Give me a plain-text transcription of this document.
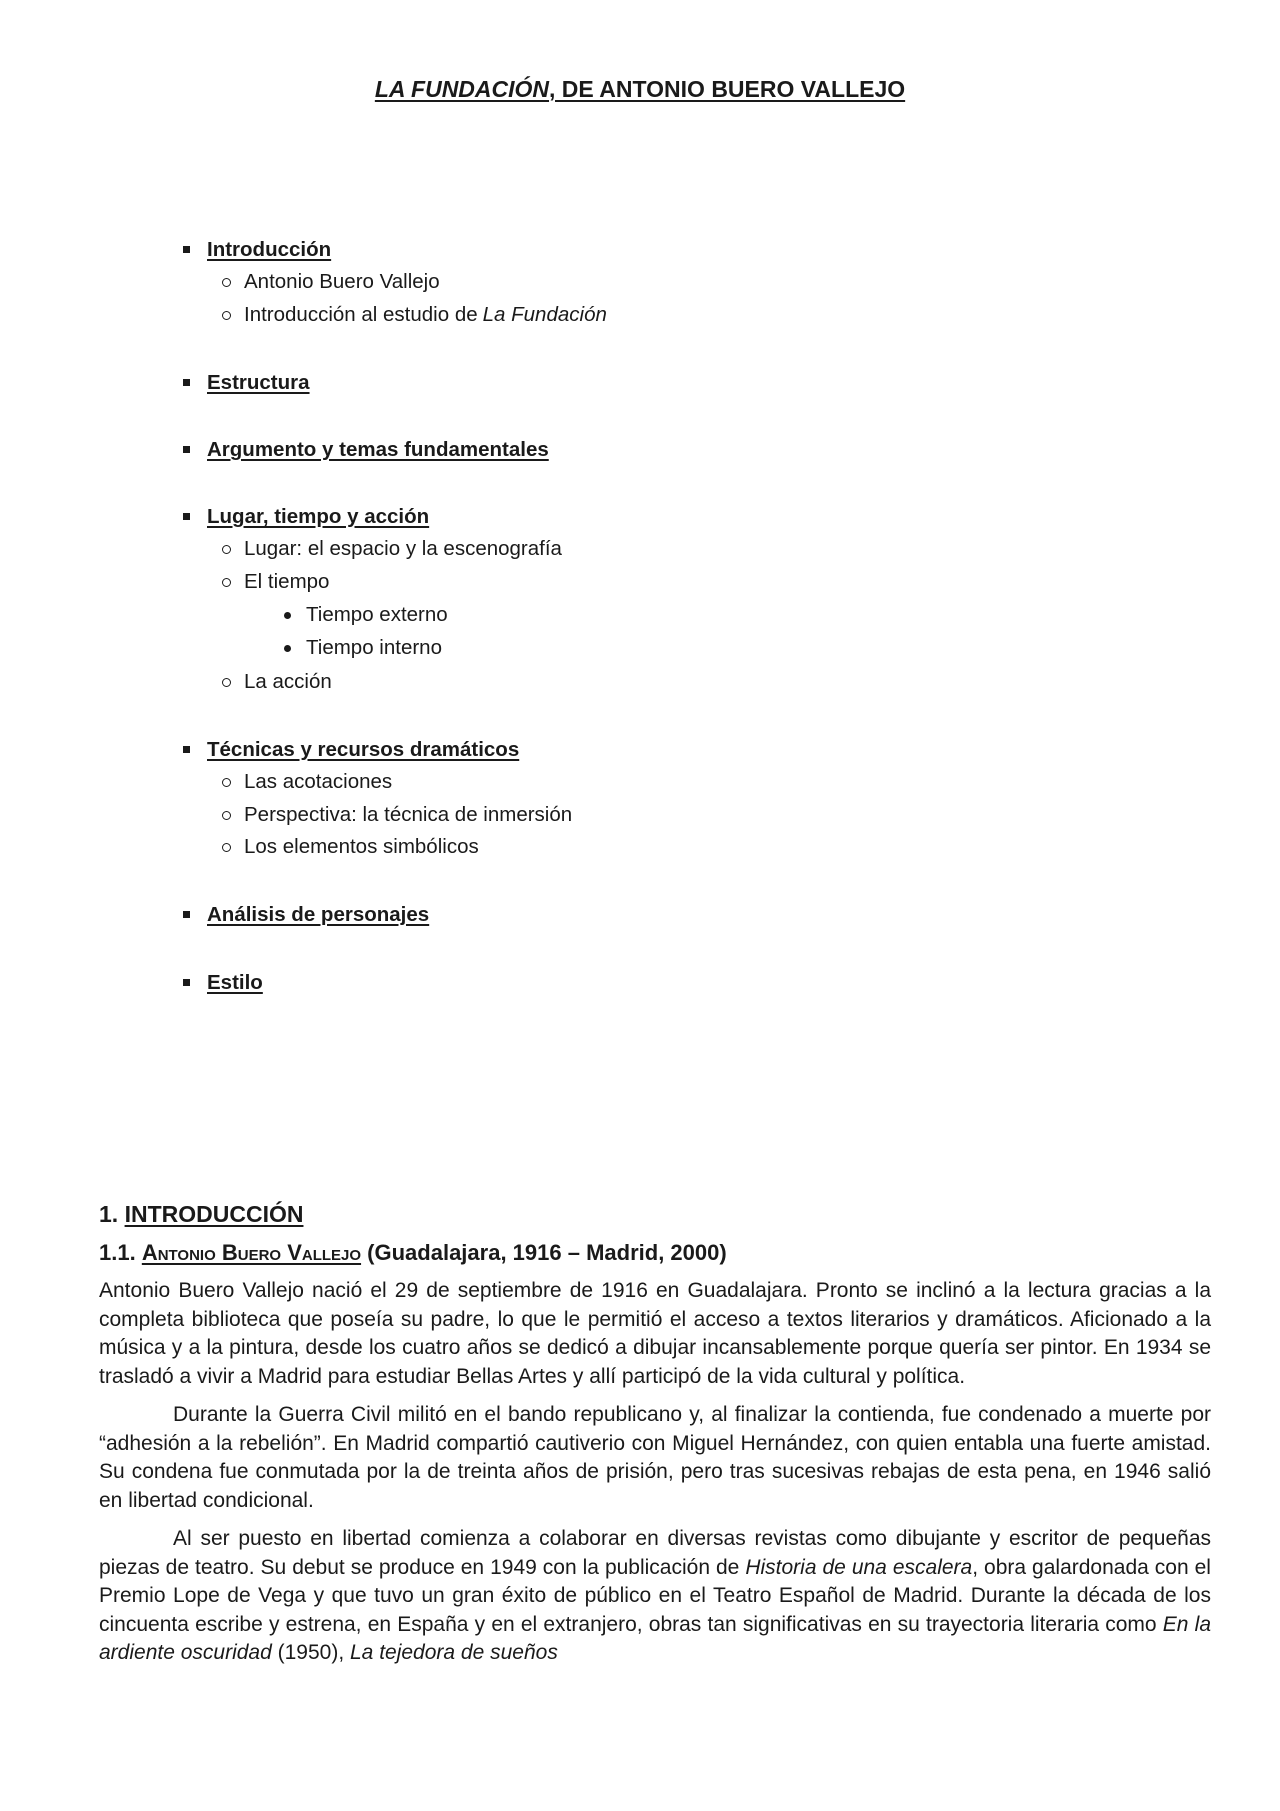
LA FUNDACIÓN, DE ANTONIO BUERO VALLEJO
Introducción
Antonio Buero Vallejo
Introducción al estudio de La Fundación
Estructura
Argumento y temas fundamentales
Lugar, tiempo y acción
Lugar: el espacio y la escenografía
El tiempo
Tiempo externo
Tiempo interno
La acción
Técnicas y recursos dramáticos
Las acotaciones
Perspectiva: la técnica de inmersión
Los elementos simbólicos
Análisis de personajes
Estilo
1. INTRODUCCIÓN
1.1. Antonio Buero Vallejo (Guadalajara, 1916 – Madrid, 2000)

Antonio Buero Vallejo nació el 29 de septiembre de 1916 en Guadalajara. Pronto se inclinó a la lectura gracias a la completa biblioteca que poseía su padre, lo que le permitió el acceso a textos literarios y dramáticos. Aficionado a la música y a la pintura, desde los cuatro años se dedicó a dibujar incansablemente porque quería ser pintor. En 1934 se trasladó a vivir a Madrid para estudiar Bellas Artes y allí participó de la vida cultural y política.

Durante la Guerra Civil militó en el bando republicano y, al finalizar la contienda, fue condenado a muerte por “adhesión a la rebelión”. En Madrid compartió cautiverio con Miguel Hernández, con quien entabla una fuerte amistad. Su condena fue conmutada por la de treinta años de prisión, pero tras sucesivas rebajas de esta pena, en 1946 salió en libertad condicional.

Al ser puesto en libertad comienza a colaborar en diversas revistas como dibujante y escritor de pequeñas piezas de teatro. Su debut se produce en 1949 con la publicación de Historia de una escalera, obra galardonada con el Premio Lope de Vega y que tuvo un gran éxito de público en el Teatro Español de Madrid. Durante la década de los cincuenta escribe y estrena, en España y en el extranjero, obras tan significativas en su trayectoria literaria como En la ardiente oscuridad (1950), La tejedora de sueños
